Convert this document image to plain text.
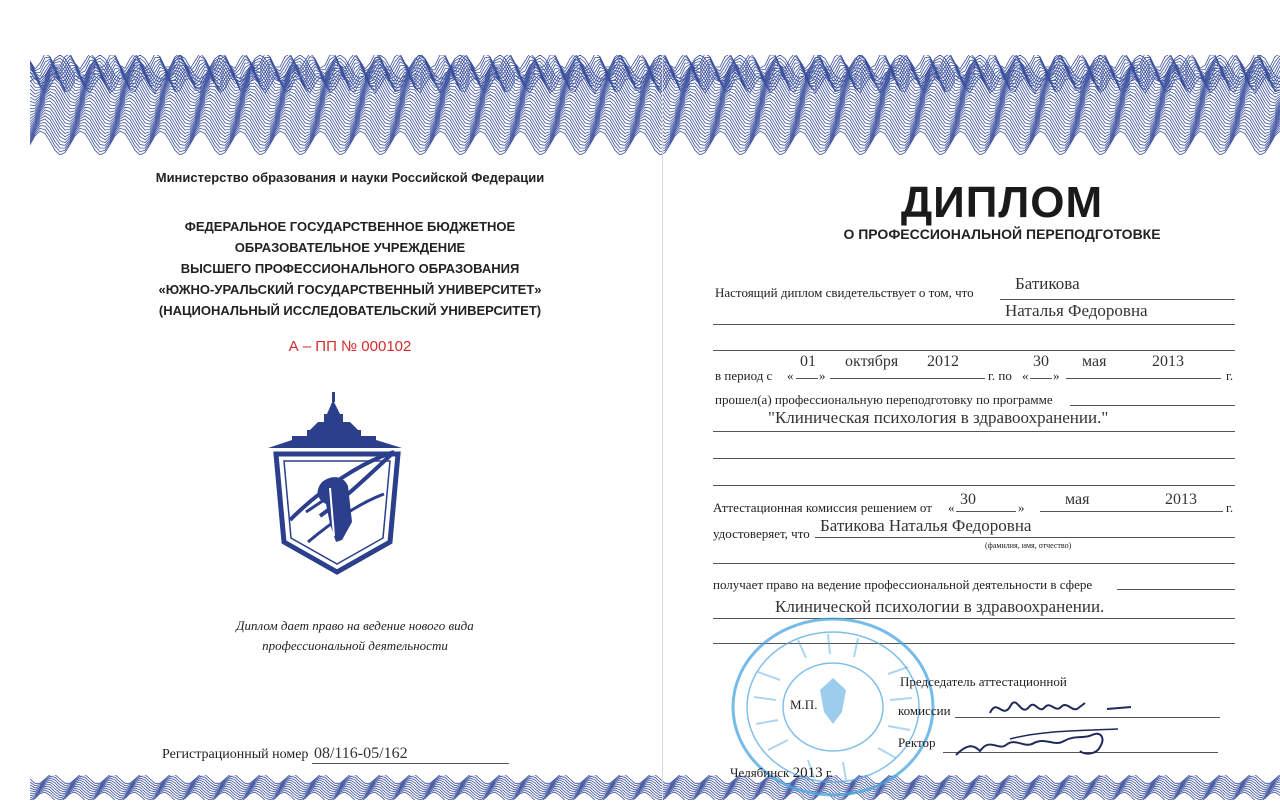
Министерство образования и науки Российской Федерации
ФЕДЕРАЛЬНОЕ ГОСУДАРСТВЕННОЕ БЮДЖЕТНОЕ
ОБРАЗОВАТЕЛЬНОЕ УЧРЕЖДЕНИЕ
ВЫСШЕГО ПРОФЕССИОНАЛЬНОГО ОБРАЗОВАНИЯ
«ЮЖНО-УРАЛЬСКИЙ ГОСУДАРСТВЕННЫЙ УНИВЕРСИТЕТ»
(НАЦИОНАЛЬНЫЙ ИССЛЕДОВАТЕЛЬСКИЙ УНИВЕРСИТЕТ)
А – ПП № 000102
Диплом дает право на ведение нового вида
профессиональной деятельности
Регистрационный номер 08/116-05/162
ДИПЛОМ
О ПРОФЕССИОНАЛЬНОЙ ПЕРЕПОДГОТОВКЕ
Настоящий диплом свидетельствует о том, что Батикова
Наталья Федоровна
в период с «
01
»
октября 2012
г. по «
30
»
мая	2013
г.
прошел(а) профессиональную переподготовку по программе
"Клиническая психология в здравоохранении."
Аттестационная комиссия решением от « 30	»	мая	2013 г.
удостоверяет, что Батикова Наталья Федоровна
(фамилия, имя, отчество)
получает право на ведение профессиональной деятельности в сфере
Клинической психологии в здравоохранении.
Председатель аттестационной
М.П.	комиссии
Ректор
Челябинск 2013 г.
